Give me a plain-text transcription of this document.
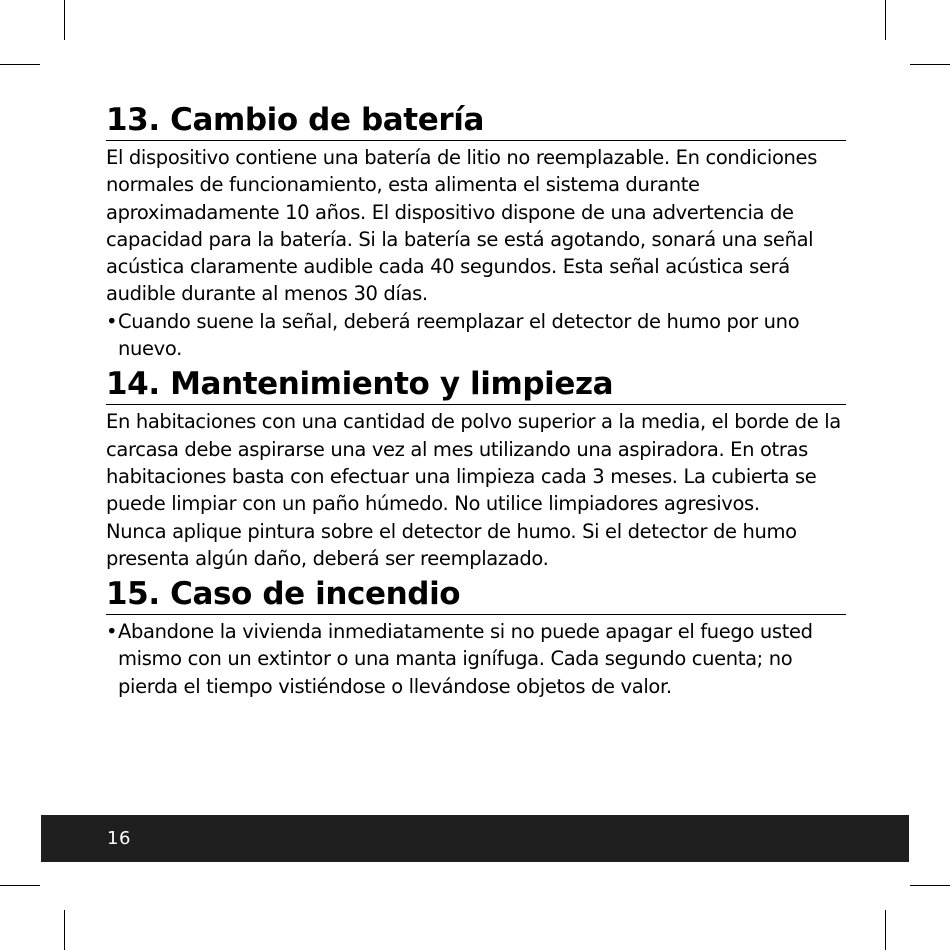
13. Cambio de batería

El dispositivo contiene una batería de litio no reemplazable. En condiciones normales de funcionamiento, esta alimenta el sistema durante aproximadamente 10 años. El dispositivo dispone de una advertencia de capacidad para la batería. Si la batería se está agotando, sonará una señal acústica claramente audible cada 40 segundos. Esta señal acústica será audible durante al menos 30 días.

• Cuando suene la señal, deberá reemplazar el detector de humo por uno nuevo.
14. Mantenimiento y limpieza

En habitaciones con una cantidad de polvo superior a la media, el borde de la carcasa debe aspirarse una vez al mes utilizando una aspiradora. En otras habitaciones basta con efectuar una limpieza cada 3 meses. La cubierta se puede limpiar con un paño húmedo. No utilice limpiadores agresivos.

Nunca aplique pintura sobre el detector de humo. Si el detector de humo presenta algún daño, deberá ser reemplazado.

15. Caso de incendio
• Abandone la vivienda inmediatamente si no puede apagar el fuego usted mismo con un extintor o una manta ignífuga. Cada segundo cuenta; no pierda el tiempo vistiéndose o llevándose objetos de valor.
16
